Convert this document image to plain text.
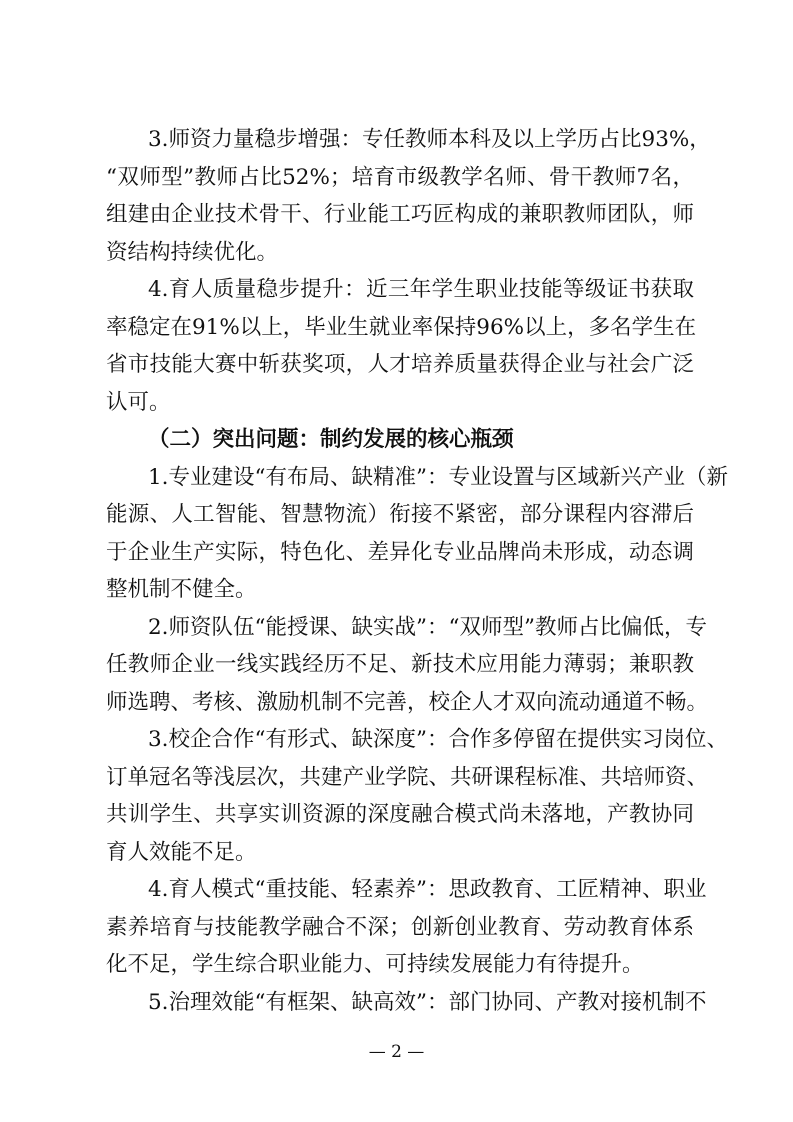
3.师资力量稳步增强：专任教师本科及以上学历占比93%，
“双师型”教师占比52%；培育市级教学名师、骨干教师7名，
组建由企业技术骨干、行业能工巧匠构成的兼职教师团队，师
资结构持续优化。
4.育人质量稳步提升：近三年学生职业技能等级证书获取
率稳定在91%以上，毕业生就业率保持96%以上，多名学生在
省市技能大赛中斩获奖项，人才培养质量获得企业与社会广泛
认可。
（二）突出问题：制约发展的核心瓶颈
1.专业建设“有布局、缺精准”：专业设置与区域新兴产业（新
能源、人工智能、智慧物流）衔接不紧密，部分课程内容滞后
于企业生产实际，特色化、差异化专业品牌尚未形成，动态调
整机制不健全。
2.师资队伍“能授课、缺实战”：“双师型”教师占比偏低，专
任教师企业一线实践经历不足、新技术应用能力薄弱；兼职教
师选聘、考核、激励机制不完善，校企人才双向流动通道不畅。
3.校企合作“有形式、缺深度”：合作多停留在提供实习岗位、
订单冠名等浅层次，共建产业学院、共研课程标准、共培师资、
共训学生、共享实训资源的深度融合模式尚未落地，产教协同
育人效能不足。
4.育人模式“重技能、轻素养”：思政教育、工匠精神、职业
素养培育与技能教学融合不深；创新创业教育、劳动教育体系
化不足，学生综合职业能力、可持续发展能力有待提升。
5.治理效能“有框架、缺高效”：部门协同、产教对接机制不
— 2 —
